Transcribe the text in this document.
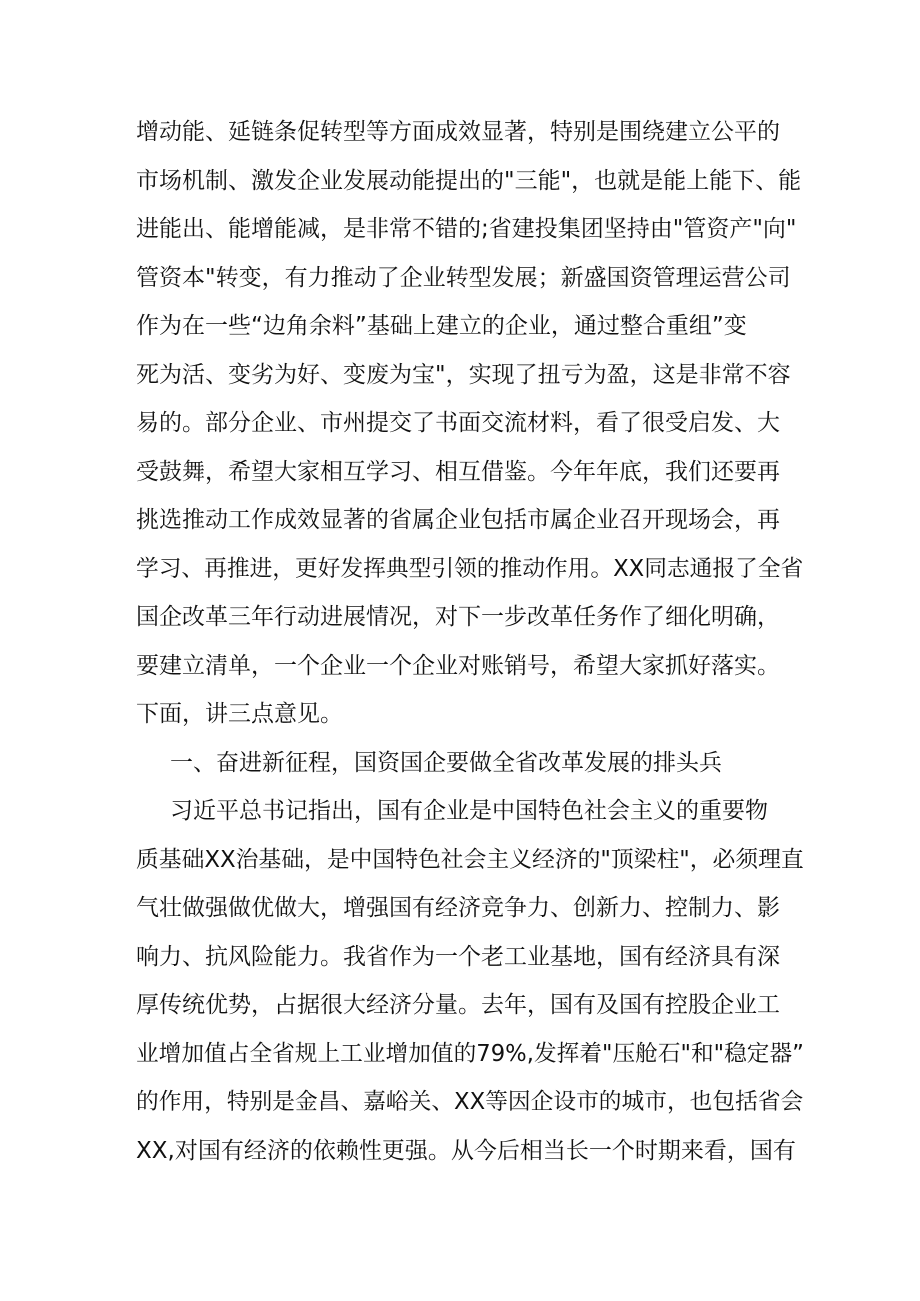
增动能、延链条促转型等方面成效显著，特别是围绕建立公平的
市场机制、激发企业发展动能提出的"三能"，也就是能上能下、能
进能出、能增能减，是非常不错的;省建投集团坚持由"管资产"向"
管资本"转变，有力推动了企业转型发展；新盛国资管理运营公司
作为在一些“边角余料”基础上建立的企业，通过整合重组”变
死为活、变劣为好、变废为宝"，实现了扭亏为盈，这是非常不容
易的。部分企业、市州提交了书面交流材料，看了很受启发、大
受鼓舞，希望大家相互学习、相互借鉴。今年年底，我们还要再
挑选推动工作成效显著的省属企业包括市属企业召开现场会，再
学习、再推进，更好发挥典型引领的推动作用。XX同志通报了全省
国企改革三年行动进展情况，对下一步改革任务作了细化明确，
要建立清单，一个企业一个企业对账销号，希望大家抓好落实。
下面，讲三点意见。
一、奋进新征程，国资国企要做全省改革发展的排头兵
习近平总书记指出，国有企业是中国特色社会主义的重要物
质基础XX治基础，是中国特色社会主义经济的"顶梁柱"，必须理直
气壮做强做优做大，增强国有经济竞争力、创新力、控制力、影
响力、抗风险能力。我省作为一个老工业基地，国有经济具有深
厚传统优势，占据很大经济分量。去年，国有及国有控股企业工
业增加值占全省规上工业增加值的79%,发挥着"压舱石"和"稳定器”
的作用，特别是金昌、嘉峪关、XX等因企设市的城市，也包括省会
XX,对国有经济的依赖性更强。从今后相当长一个时期来看，国有
